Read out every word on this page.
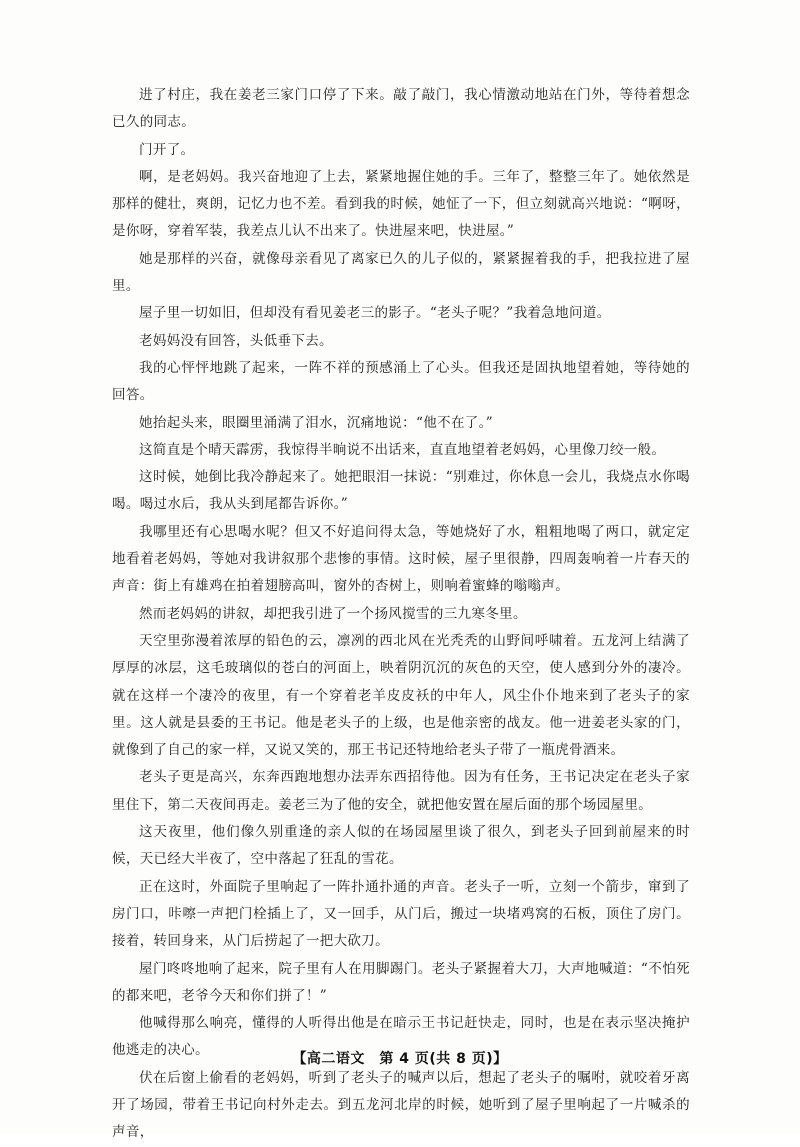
进了村庄，我在姜老三家门口停了下来。敲了敲门，我心情激动地站在门外，等待着想念已久的同志。

门开了。

啊，是老妈妈。我兴奋地迎了上去，紧紧地握住她的手。三年了，整整三年了。她依然是那样的健壮，爽朗，记忆力也不差。看到我的时候，她怔了一下，但立刻就高兴地说：“啊呀，是你呀，穿着军装，我差点儿认不出来了。快进屋来吧，快进屋。”

她是那样的兴奋，就像母亲看见了离家已久的儿子似的，紧紧握着我的手，把我拉进了屋里。

屋子里一切如旧，但却没有看见姜老三的影子。“老头子呢？”我着急地问道。

老妈妈没有回答，头低垂下去。

我的心怦怦地跳了起来，一阵不祥的预感涌上了心头。但我还是固执地望着她，等待她的回答。

她抬起头来，眼圈里涌满了泪水，沉痛地说：“他不在了。”

这简直是个晴天霹雳，我惊得半晌说不出话来，直直地望着老妈妈，心里像刀绞一般。

这时候，她倒比我冷静起来了。她把眼泪一抹说：“别难过，你休息一会儿，我烧点水你喝喝。喝过水后，我从头到尾都告诉你。”

我哪里还有心思喝水呢？但又不好追问得太急，等她烧好了水，粗粗地喝了两口，就定定地看着老妈妈，等她对我讲叙那个悲惨的事情。这时候，屋子里很静，四周轰响着一片春天的声音：街上有雄鸡在拍着翅膀高叫，窗外的杏树上，则响着蜜蜂的嗡嗡声。

然而老妈妈的讲叙，却把我引进了一个扬风搅雪的三九寒冬里。

天空里弥漫着浓厚的铅色的云，凛冽的西北风在光秃秃的山野间呼啸着。五龙河上结满了厚厚的冰层，这毛玻璃似的苍白的河面上，映着阴沉沉的灰色的天空，使人感到分外的凄冷。就在这样一个凄冷的夜里，有一个穿着老羊皮皮袄的中年人，风尘仆仆地来到了老头子的家里。这人就是县委的王书记。他是老头子的上级，也是他亲密的战友。他一进姜老头家的门，就像到了自己的家一样，又说又笑的，那王书记还特地给老头子带了一瓶虎骨酒来。

老头子更是高兴，东奔西跑地想办法弄东西招待他。因为有任务，王书记决定在老头子家里住下，第二天夜间再走。姜老三为了他的安全，就把他安置在屋后面的那个场园屋里。

这天夜里，他们像久别重逢的亲人似的在场园屋里谈了很久，到老头子回到前屋来的时候，天已经大半夜了，空中落起了狂乱的雪花。

正在这时，外面院子里响起了一阵扑通扑通的声音。老头子一听，立刻一个箭步，窜到了房门口，咔嚓一声把门栓插上了，又一回手，从门后，搬过一块堵鸡窝的石板，顶住了房门。接着，转回身来，从门后捞起了一把大砍刀。

屋门咚咚地响了起来，院子里有人在用脚踢门。老头子紧握着大刀，大声地喊道：“不怕死的都来吧，老爷今天和你们拼了！”

他喊得那么响亮，懂得的人听得出他是在暗示王书记赶快走，同时，也是在表示坚决掩护他逃走的决心。

伏在后窗上偷看的老妈妈，听到了老头子的喊声以后，想起了老头子的嘱咐，就咬着牙离开了场园，带着王书记向村外走去。到五龙河北岸的时候，她听到了屋子里响起了一片喊杀的声音，

【高二语文　第 4 页(共 8 页)】
